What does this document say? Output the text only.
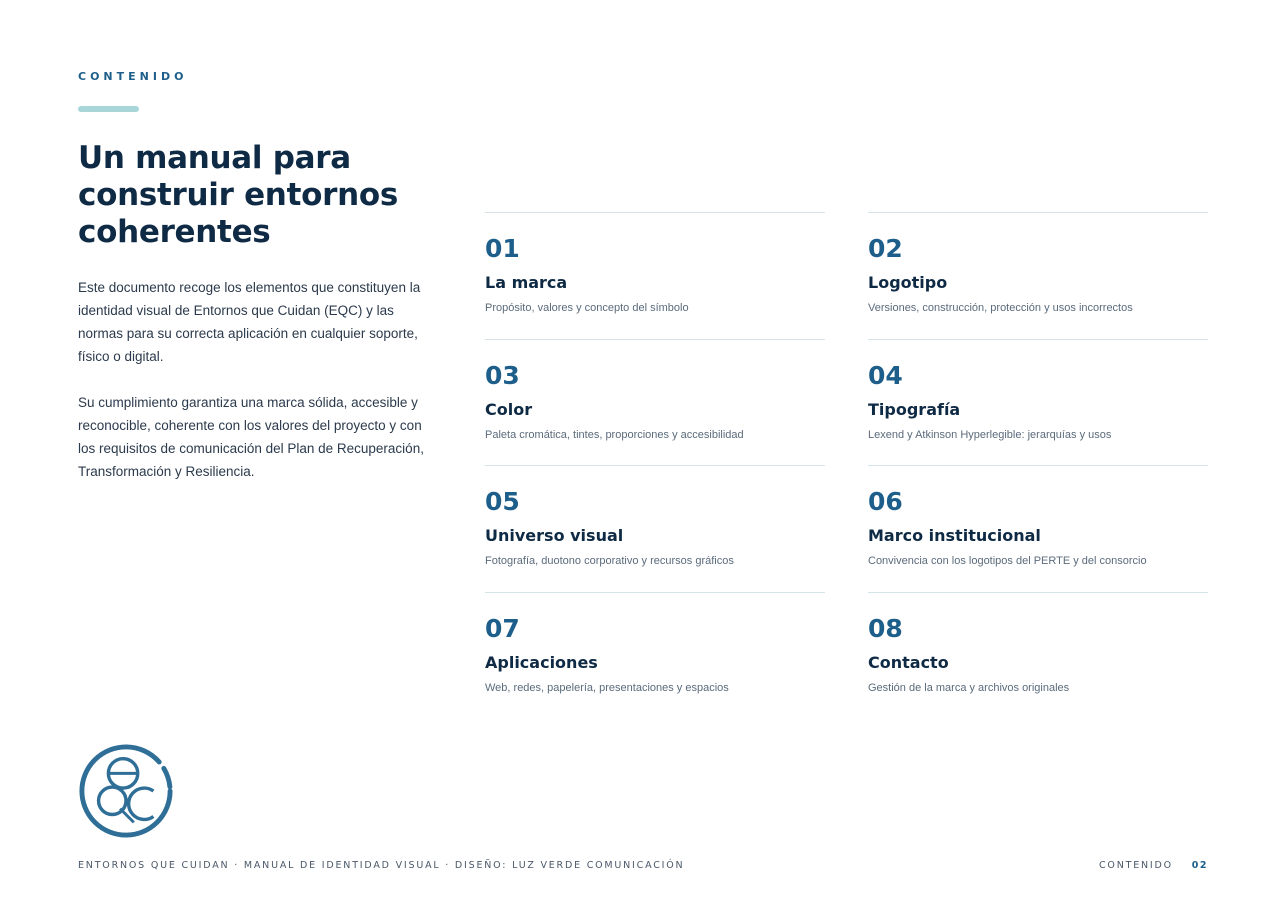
CONTENIDO
Un manual para
construir entornos
coherentes

Este documento recoge los elementos que constituyen la identidad visual de Entornos que Cuidan (EQC) y las normas para su correcta aplicación en cualquier soporte, físico o digital.

Su cumplimiento garantiza una marca sólida, accesible y reconocible, coherente con los valores del proyecto y con los requisitos de comunicación del Plan de Recuperación, Transformación y Resiliencia.

01
La marca
Propósito, valores y concepto del símbolo
02
Logotipo
Versiones, construcción, protección y usos incorrectos
03
Color
Paleta cromática, tintes, proporciones y accesibilidad
04
Tipografía
Lexend y Atkinson Hyperlegible: jerarquías y usos
05
Universo visual
Fotografía, duotono corporativo y recursos gráficos
06
Marco institucional
Convivencia con los logotipos del PERTE y del consorcio
07
Aplicaciones
Web, redes, papelería, presentaciones y espacios
08
Contacto
Gestión de la marca y archivos originales
ENTORNOS QUE CUIDAN · MANUAL DE IDENTIDAD VISUAL · DISEÑO: LUZ VERDE COMUNICACIÓN	CONTENIDO 02
